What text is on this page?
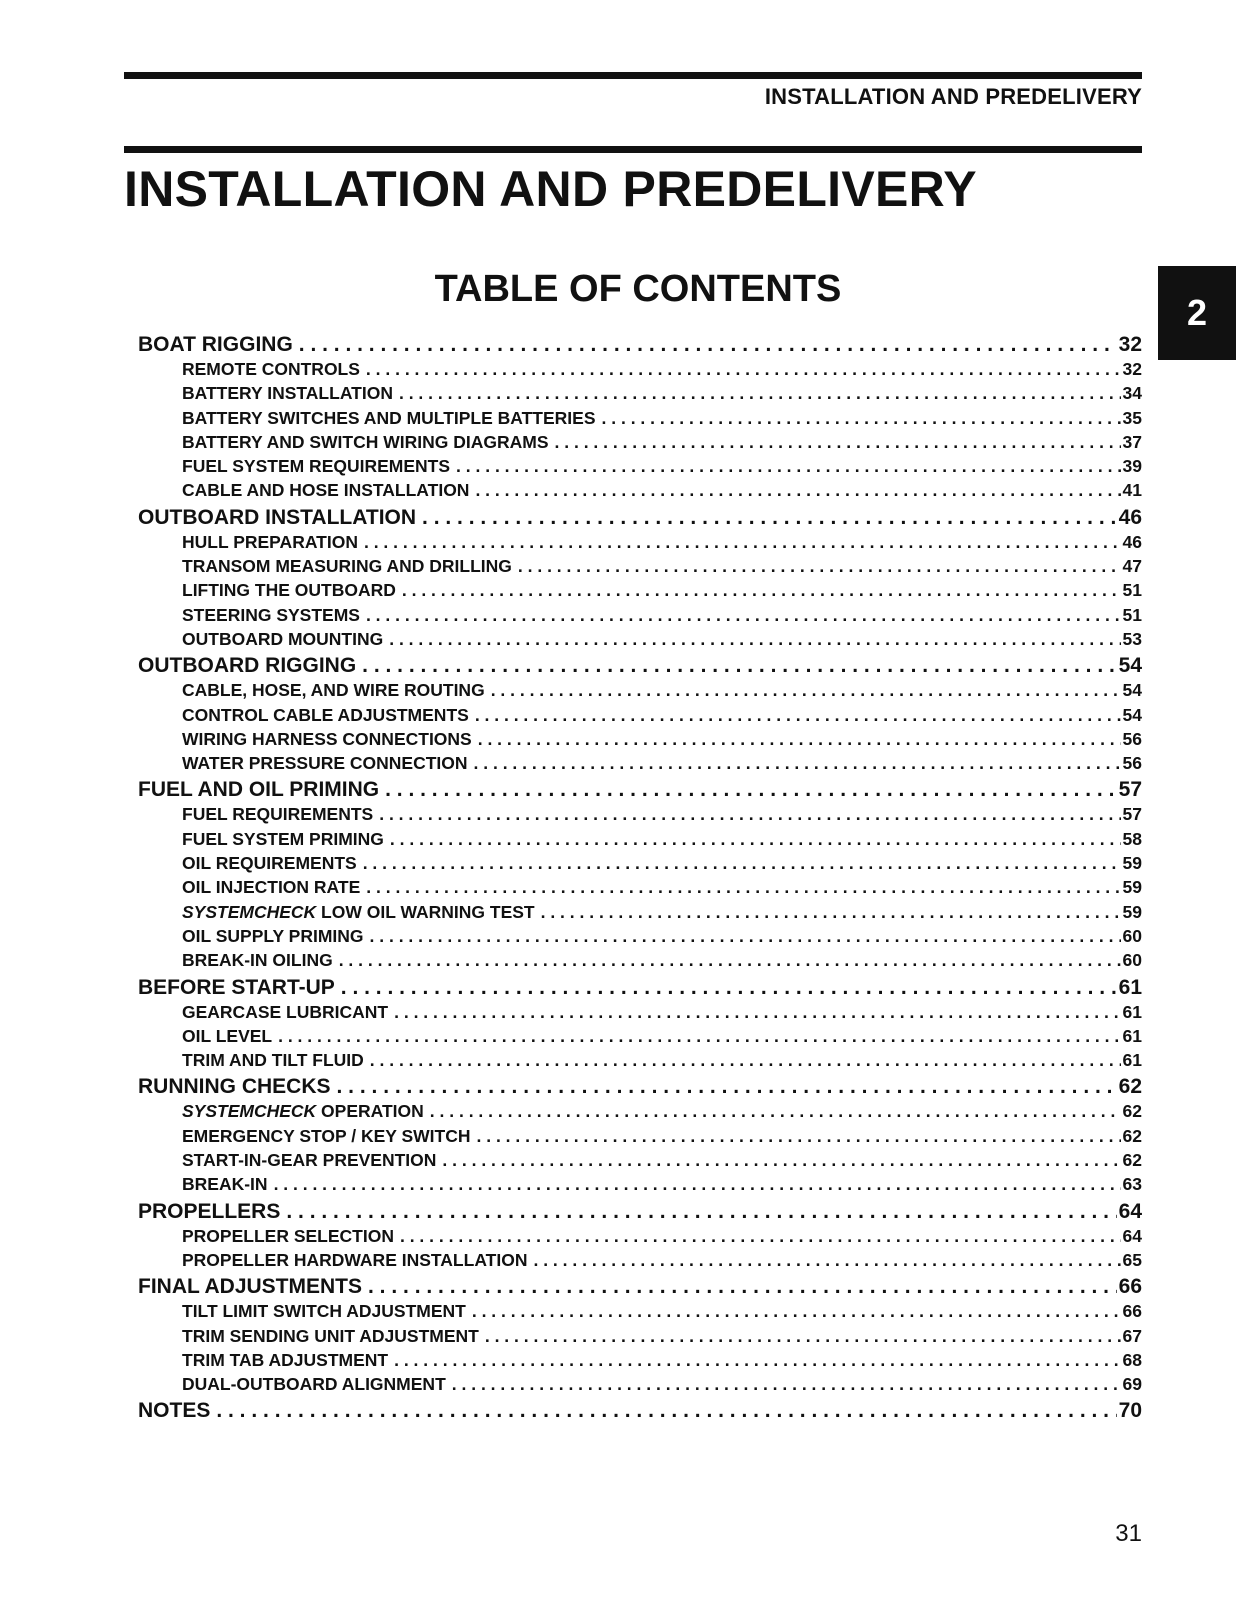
INSTALLATION AND PREDELIVERY
INSTALLATION AND PREDELIVERY
TABLE OF CONTENTS
2
BOAT RIGGING . . .	32
REMOTE CONTROLS . . .	32
BATTERY INSTALLATION . . .	34
BATTERY SWITCHES AND MULTIPLE BATTERIES . . .	35
BATTERY AND SWITCH WIRING DIAGRAMS . . .	37
FUEL SYSTEM REQUIREMENTS . . .	39
CABLE AND HOSE INSTALLATION . . .	41
OUTBOARD INSTALLATION . . .	46
HULL PREPARATION . . .	46
TRANSOM MEASURING AND DRILLING . . .	47
LIFTING THE OUTBOARD . . .	51
STEERING SYSTEMS . . .	51
OUTBOARD MOUNTING . . .	53
OUTBOARD RIGGING . . .	54
CABLE, HOSE, AND WIRE ROUTING . . .	54
CONTROL CABLE ADJUSTMENTS . . .	54
WIRING HARNESS CONNECTIONS . . .	56
WATER PRESSURE CONNECTION . . .	56
FUEL AND OIL PRIMING . . .	57
FUEL REQUIREMENTS . . .	57
FUEL SYSTEM PRIMING . . .	58
OIL REQUIREMENTS . . .	59
OIL INJECTION RATE . . .	59
SYSTEMCHECK LOW OIL WARNING TEST . . .	59
OIL SUPPLY PRIMING . . .	60
BREAK-IN OILING . . .	60
BEFORE START-UP . . .	61
GEARCASE LUBRICANT . . .	61
OIL LEVEL . . .	61
TRIM AND TILT FLUID . . .	61
RUNNING CHECKS . . .	62
SYSTEMCHECK OPERATION . . .	62
EMERGENCY STOP / KEY SWITCH . . .	62
START-IN-GEAR PREVENTION . . .	62
BREAK-IN . . .	63
PROPELLERS . . .	64
PROPELLER SELECTION . . .	64
PROPELLER HARDWARE INSTALLATION . . .	65
FINAL ADJUSTMENTS . . .	66
TILT LIMIT SWITCH ADJUSTMENT . . .	66
TRIM SENDING UNIT ADJUSTMENT . . .	67
TRIM TAB ADJUSTMENT . . .	68
DUAL-OUTBOARD ALIGNMENT . . .	69
NOTES . . .	70
31
